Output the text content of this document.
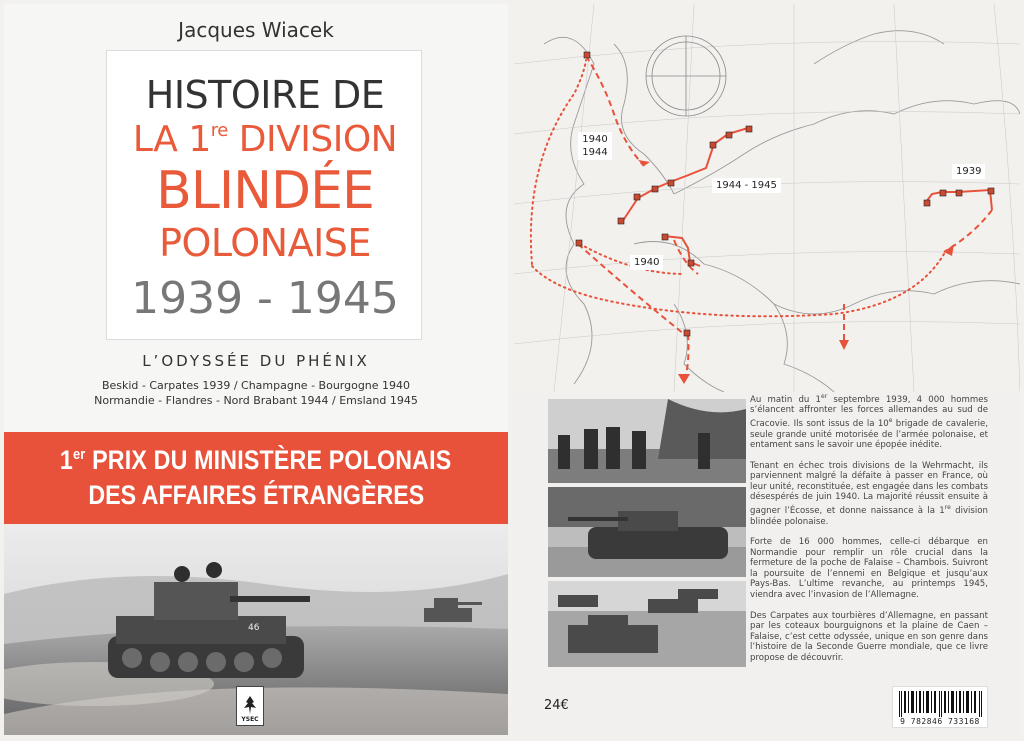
Jacques Wiacek
HISTOIRE DE
LA 1re DIVISION
BLINDÉE
POLONAISE
1939 - 1945
L’ODYSSÉE DU PHÉNIX
Beskid - Carpates 1939 / Champagne - Bourgogne 1940
Normandie - Flandres - Nord Brabant 1944 / Emsland 1945
1er PRIX DU MINISTÈRE POLONAIS
DES AFFAIRES ÉTRANGÈRES
46
YSEC
1940
1944
1944 - 1945
1939
1940

Au matin du 1er septembre 1939, 4 000 hommes s’élancent affronter les forces allemandes au sud de Cracovie. Ils sont issus de la 10e brigade de cavalerie, seule grande unité motorisée de l’armée polonaise, et entament sans le savoir une épopée inédite.

Tenant en échec trois divisions de la Wehrmacht, ils parviennent malgré la défaite à passer en France, où leur unité, reconstituée, est engagée dans les combats désespérés de juin 1940. La majorité réussit ensuite à gagner l’Écosse, et donne naissance à la 1re division blindée polonaise.

Forte de 16 000 hommes, celle-ci débarque en Normandie pour remplir un rôle crucial dans la fermeture de la poche de Falaise – Chambois. Suivront la poursuite de l’ennemi en Belgique et jusqu’aux Pays-Bas. L’ultime revanche, au printemps 1945, viendra avec l’invasion de l’Allemagne.

Des Carpates aux tourbières d’Allemagne, en passant par les coteaux bourguignons et la plaine de Caen – Falaise, c’est cette odyssée, unique en son genre dans l’histoire de la Seconde Guerre mondiale, que ce livre propose de découvrir.

24€
9 782846 733168
